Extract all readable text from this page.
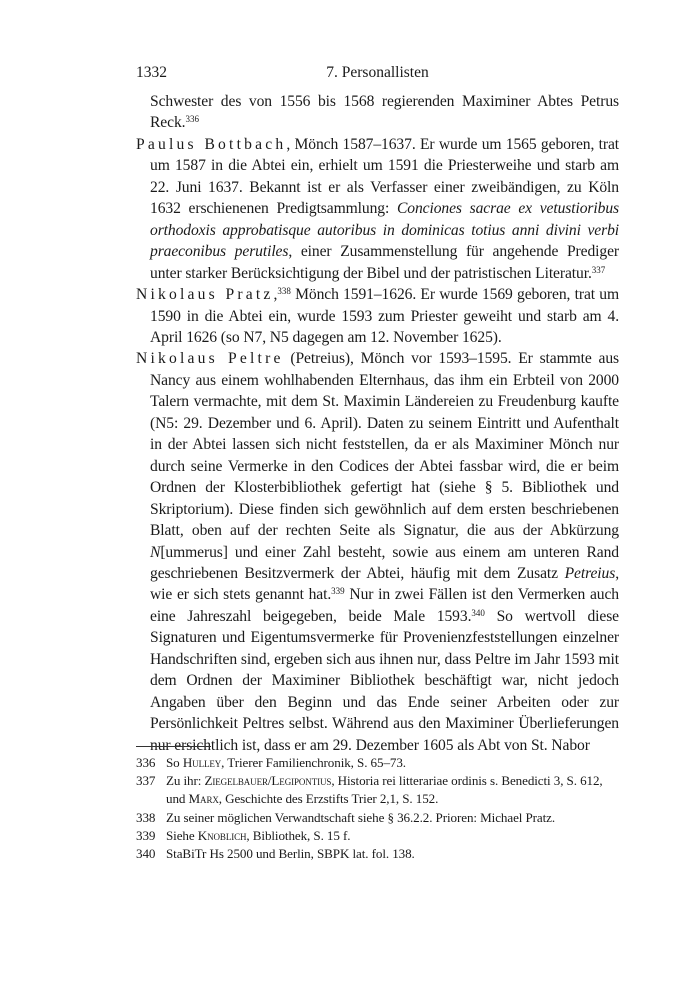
1332	7. Personallisten

Schwester des von 1556 bis 1568 regierenden Maximiner Abtes Petrus Reck.$^{336}$

Paulus Bottbach, Mönch 1587–1637. Er wurde um 1565 geboren, trat um 1587 in die Abtei ein, erhielt um 1591 die Priesterweihe und starb am 22. Juni 1637. Bekannt ist er als Verfasser einer zweibändigen, zu Köln 1632 erschienenen Predigtsammlung: Conciones sacrae ex vetustioribus orthodoxis approbatisque autoribus in dominicas totius anni divini verbi praeconibus perutiles, einer Zusammenstellung für angehende Prediger unter starker Berücksichtigung der Bibel und der patristischen Literatur.$^{337}$

Nikolaus Pratz,$^{338}$ Mönch 1591–1626. Er wurde 1569 geboren, trat um 1590 in die Abtei ein, wurde 1593 zum Priester geweiht und starb am 4. April 1626 (so N7, N5 dagegen am 12. November 1625).

Nikolaus Peltre (Petreius), Mönch vor 1593–1595. Er stammte aus Nancy aus einem wohlhabenden Elternhaus, das ihm ein Erbteil von 2000 Talern vermachte, mit dem St. Maximin Ländereien zu Freudenburg kaufte (N5: 29. Dezember und 6. April). Daten zu seinem Eintritt und Aufenthalt in der Abtei lassen sich nicht feststellen, da er als Maximiner Mönch nur durch seine Vermerke in den Codices der Abtei fassbar wird, die er beim Ordnen der Klosterbibliothek gefertigt hat (siehe § 5. Bibliothek und Skriptorium). Diese finden sich gewöhnlich auf dem ersten beschriebenen Blatt, oben auf der rechten Seite als Signatur, die aus der Abkürzung N[ummerus] und einer Zahl besteht, sowie aus einem am unteren Rand geschriebenen Besitzvermerk der Abtei, häufig mit dem Zusatz Petreius, wie er sich stets genannt hat.$^{339}$ Nur in zwei Fällen ist den Vermerken auch eine Jahreszahl beigegeben, beide Male 1593.$^{340}$ So wertvoll diese Signaturen und Eigentumsvermerke für Provenienzfeststellungen einzelner Handschriften sind, ergeben sich aus ihnen nur, dass Peltre im Jahr 1593 mit dem Ordnen der Maximiner Bibliothek beschäftigt war, nicht jedoch Angaben über den Beginn und das Ende seiner Arbeiten oder zur Persönlichkeit Peltres selbst. Während aus den Maximiner Überlieferungen nur ersichtlich ist, dass er am 29. Dezember 1605 als Abt von St. Nabor

336 So Hulley, Trierer Familienchronik, S. 65–73.
337 Zu ihr: Ziegelbauer/Legipontius, Historia rei litterariae ordinis s. Benedicti 3, S. 612, und Marx, Geschichte des Erzstifts Trier 2,1, S. 152.
338 Zu seiner möglichen Verwandtschaft siehe § 36.2.2. Prioren: Michael Pratz.
339 Siehe Knoblich, Bibliothek, S. 15 f.
340 StaBiTr Hs 2500 und Berlin, SBPK lat. fol. 138.
